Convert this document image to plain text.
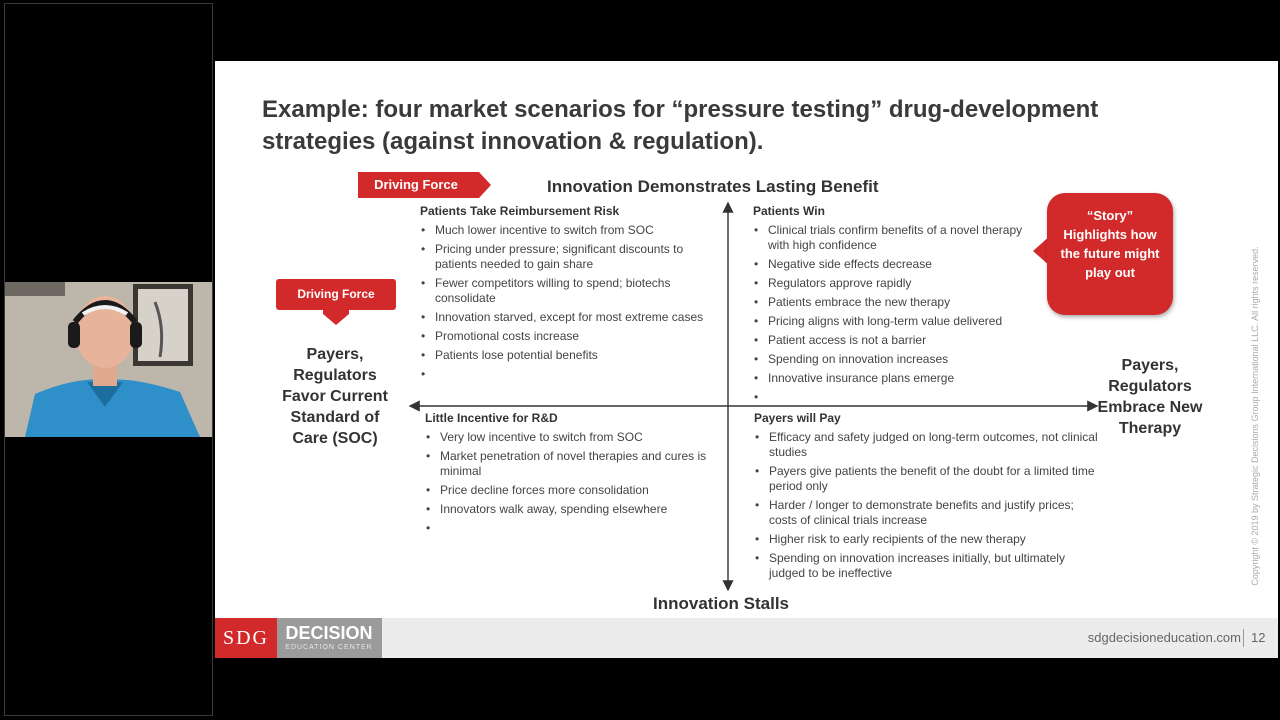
Example: four market scenarios for “pressure testing” drug-development strategies (against innovation & regulation).
Innovation Demonstrates Lasting Benefit
Innovation Stalls
Payers, Regulators Favor Current Standard of Care (SOC)
Payers, Regulators Embrace New Therapy
Driving Force
Driving Force
“Story” Highlights how the future might play out
Patients Take Reimbursement Risk
• Much lower incentive to switch from SOC
• Pricing under pressure; significant discounts to patients needed to gain share
• Fewer competitors willing to spend; biotechs consolidate
• Innovation starved, except for most extreme cases
• Promotional costs increase
• Patients lose potential benefits
•
Patients Win
• Clinical trials confirm benefits of a novel therapy with high confidence
• Negative side effects decrease
• Regulators approve rapidly
• Patients embrace the new therapy
• Pricing aligns with long-term value delivered
• Patient access is not a barrier
• Spending on innovation increases
• Innovative insurance plans emerge
•
Little Incentive for R&D
• Very low incentive to switch from SOC
• Market penetration of novel therapies and cures is minimal
• Price decline forces more consolidation
• Innovators walk away, spending elsewhere
•
Payers will Pay
• Efficacy and safety judged on long-term outcomes, not clinical studies
• Payers give patients the benefit of the doubt for a limited time period only
• Harder / longer to demonstrate benefits and justify prices; costs of clinical trials increase
• Higher risk to early recipients of the new therapy
• Spending on innovation increases initially, but ultimately judged to be ineffective	Copyright © 2019 by Strategic Decisions Group International LLC. All rights reserved.
SDG DECISION
EDUCATION CENTER
sdgdecisioneducation.com 12
